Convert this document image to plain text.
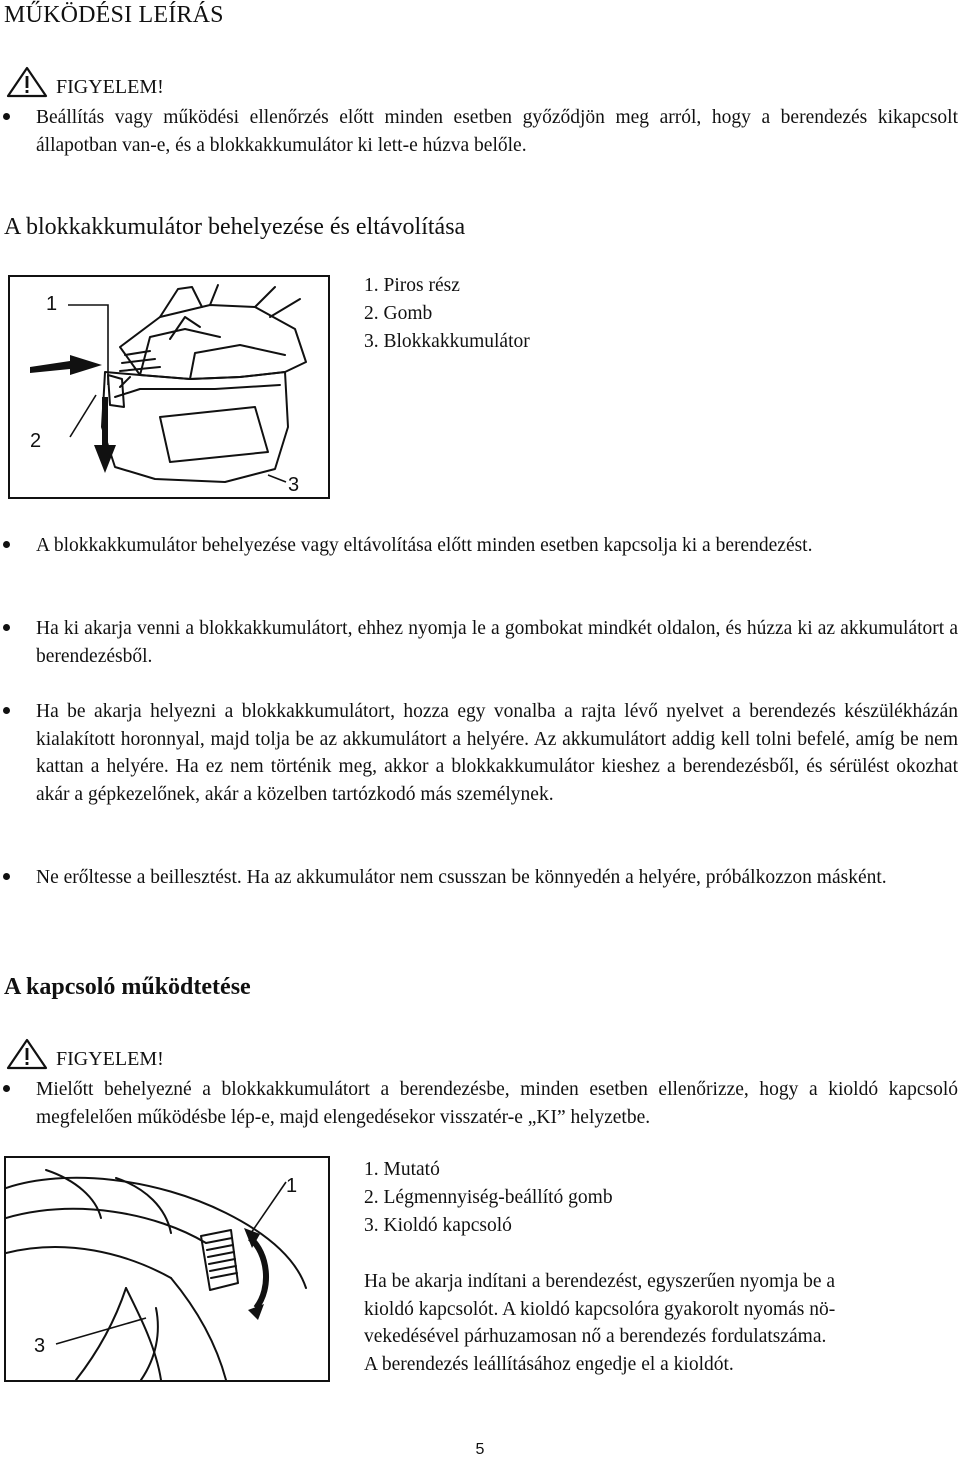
MŰKÖDÉSI LEÍRÁS
FIGYELEM!
Beállítás vagy működési ellenőrzés előtt minden esetben győződjön meg arról, hogy a berendezés kikapcsolt állapotban van-e, és a blokkakkumulátor ki lett-e húzva belőle.
A blokkakkumulátor behelyezése és eltávolítása
1
2
3
1. Piros rész
2. Gomb
3. Blokkakkumulátor
A blokkakkumulátor behelyezése vagy eltávolítása előtt minden esetben kapcsolja ki a berendezést.
Ha ki akarja venni a blokkakkumulátort, ehhez nyomja le a gombokat mindkét oldalon, és húzza ki az akkumulátort a berendezésből.
Ha be akarja helyezni a blokkakkumulátort, hozza egy vonalba a rajta lévő nyelvet a berendezés készülékházán kialakított horonnyal, majd tolja be az akkumulátort a helyére. Az akkumulátort addig kell tolni befelé, amíg be nem kattan a helyére. Ha ez nem történik meg, akkor a blokkakkumulátor kieshez a berendezésből, és sérülést okozhat akár a gépkezelőnek, akár a közelben tartózkodó más személynek.
Ne erőltesse a beillesztést. Ha az akkumulátor nem csusszan be könnyedén a helyére, próbálkozzon másként.
A kapcsoló működtetése
FIGYELEM!
Mielőtt behelyezné a blokkakkumulátort a berendezésbe, minden esetben ellenőrizze, hogy a kioldó kapcsoló megfelelően működésbe lép-e, majd elengedésekor visszatér-e „KI” helyzetbe.
1
3
1. Mutató
2. Légmennyiség-beállító gomb
3. Kioldó kapcsoló
Ha be akarja indítani a berendezést, egyszerűen nyomja be a
kioldó kapcsolót. A kioldó kapcsolóra gyakorolt nyomás nö-
vekedésével párhuzamosan nő a berendezés fordulatszáma.
A berendezés leállításához engedje el a kioldót.
5
